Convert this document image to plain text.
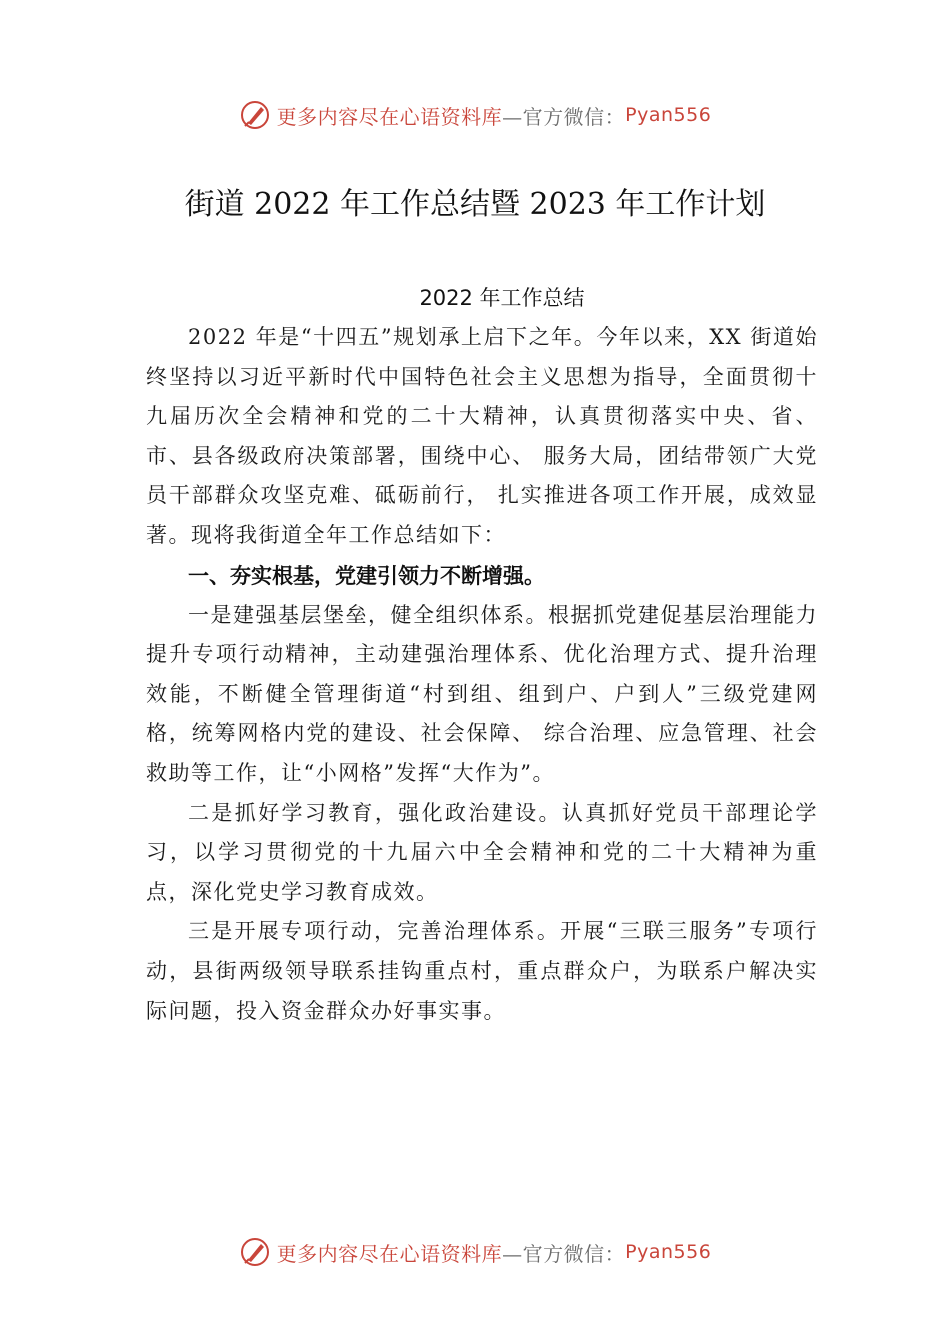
更多内容尽在心语资料库 —官方微信： Pyan556
街道 2022 年工作总结暨 2023 年工作计划

2022 年工作总结

2022 年是“十四五”规划承上启下之年。今年以来，XX 街道始终坚持以习近平新时代中国特色社会主义思想为指导，全面贯彻十九届历次全会精神和党的二十大精神，认真贯彻落实中央、省、市、县各级政府决策部署，围绕中心、 服务大局，团结带领广大党员干部群众攻坚克难、砥砺前行， 扎实推进各项工作开展，成效显著。现将我街道全年工作总结如下：

一、夯实根基，党建引领力不断增强。

一是建强基层堡垒，健全组织体系。根据抓党建促基层治理能力提升专项行动精神，主动建强治理体系、优化治理方式、提升治理效能，不断健全管理街道“村到组、组到户、户到人”三级党建网格，统筹网格内党的建设、社会保障、 综合治理、应急管理、社会救助等工作，让“小网格”发挥“大作为”。

二是抓好学习教育，强化政治建设。认真抓好党员干部理论学习，以学习贯彻党的十九届六中全会精神和党的二十大精神为重点，深化党史学习教育成效。

三是开展专项行动，完善治理体系。开展“三联三服务”专项行动，县街两级领导联系挂钩重点村，重点群众户，为联系户解决实际问题，投入资金群众办好事实事。

更多内容尽在心语资料库 —官方微信： Pyan556
